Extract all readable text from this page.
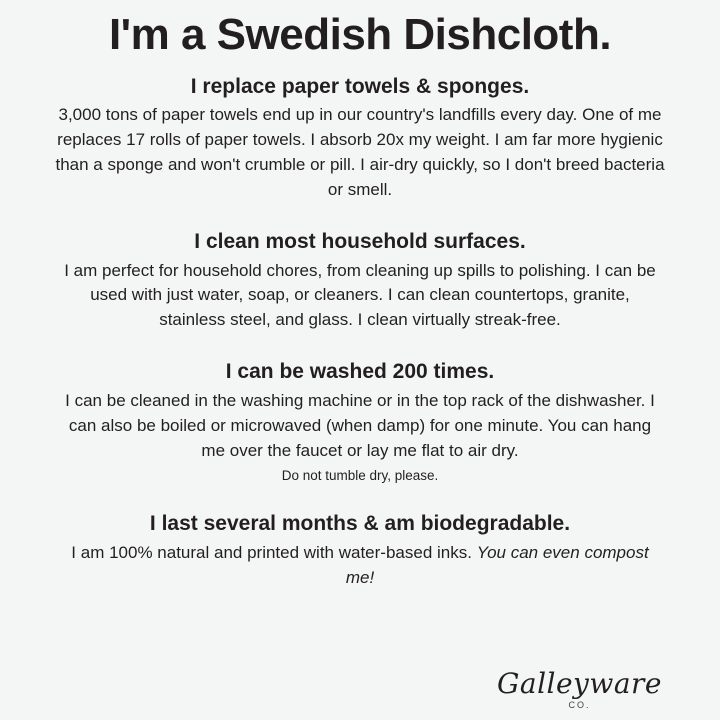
I'm a Swedish Dishcloth.
I replace paper towels & sponges.

3,000 tons of paper towels end up in our country's landfills every day. One of me replaces 17 rolls of paper towels. I absorb 20x my weight. I am far more hygienic than a sponge and won't crumble or pill. I air-dry quickly, so I don't breed bacteria or smell.

I clean most household surfaces.

I am perfect for household chores, from cleaning up spills to polishing. I can be used with just water, soap, or cleaners. I can clean countertops, granite, stainless steel, and glass. I clean virtually streak-free.

I can be washed 200 times.

I can be cleaned in the washing machine or in the top rack of the dishwasher. I can also be boiled or microwaved (when damp) for one minute. You can hang me over the faucet or lay me flat to air dry.

Do not tumble dry, please.

I last several months & am biodegradable.

I am 100% natural and printed with water-based inks. You can even compost me!

Galleyware
CO.
